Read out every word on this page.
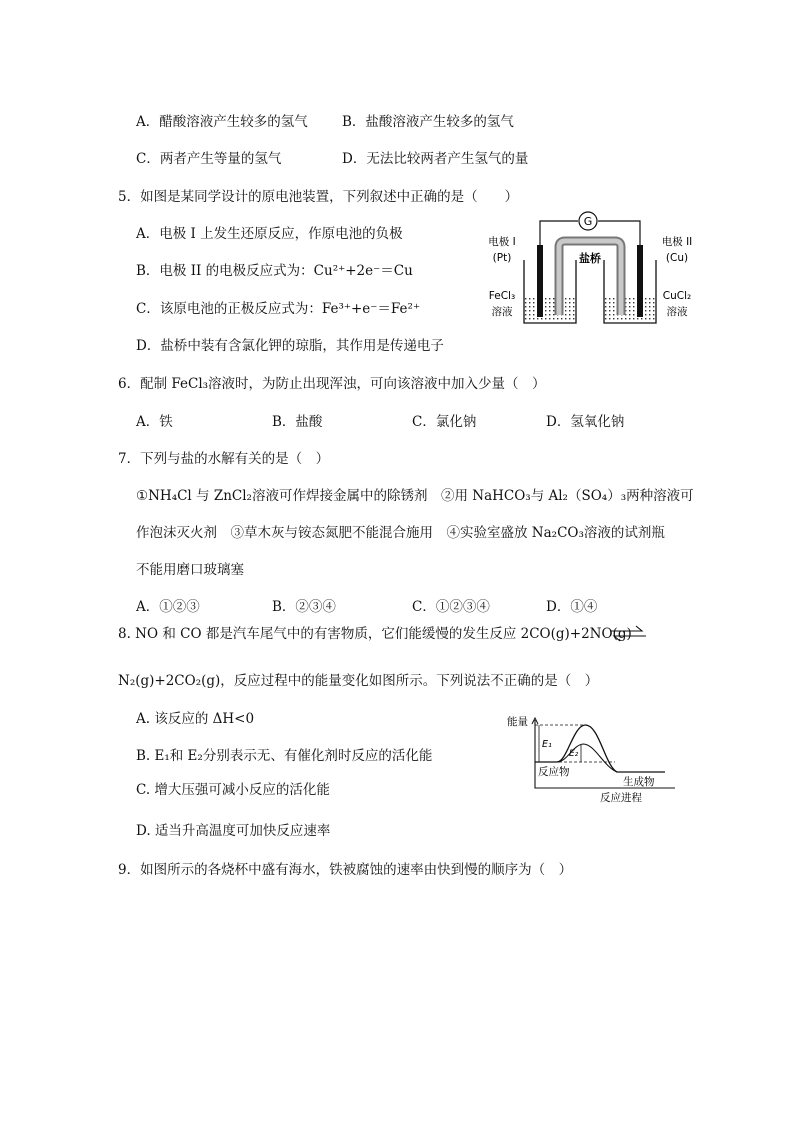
A．醋酸溶液产生较多的氢气	B．盐酸溶液产生较多的氢气
C．两者产生等量的氢气	D．无法比较两者产生氢气的量
5．如图是某同学设计的原电池装置，下列叙述中正确的是（　　）
A．电极 I 上发生还原反应，作原电池的负极
B．电极 II 的电极反应式为：Cu²⁺+2e⁻＝Cu
C．该原电池的正极反应式为：Fe³⁺+e⁻＝Fe²⁺
D．盐桥中装有含氯化钾的琼脂，其作用是传递电子
G
盐桥
电极 I
(Pt)
电极 II
(Cu)
FeCl₃
溶液
CuCl₂
溶液
6．配制 FeCl₃溶液时，为防止出现浑浊，可向该溶液中加入少量（　）
A．铁	B．盐酸	C．氯化钠	D．氢氧化钠
7．下列与盐的水解有关的是（　）
①NH₄Cl 与 ZnCl₂溶液可作焊接金属中的除锈剂　②用 NaHCO₃与 Al₂（SO₄）₃两种溶液可
作泡沫灭火剂　③草木灰与铵态氮肥不能混合施用　④实验室盛放 Na₂CO₃溶液的试剂瓶
不能用磨口玻璃塞
A．①②③	B．②③④	C．①②③④	D．①④
8. NO 和 CO 都是汽车尾气中的有害物质，它们能缓慢的发生反应 2CO(g)+2NO(g)
N₂(g)+2CO₂(g)，反应过程中的能量变化如图所示。下列说法不正确的是（　）
A. 该反应的 ΔH<0
B. E₁和 E₂分别表示无、有催化剂时反应的活化能
C. 增大压强可减小反应的活化能
D. 适当升高温度可加快反应速率
能量
E₁
E₂
反应物
生成物
反应进程
9．如图所示的各烧杯中盛有海水，铁被腐蚀的速率由快到慢的顺序为（　）
